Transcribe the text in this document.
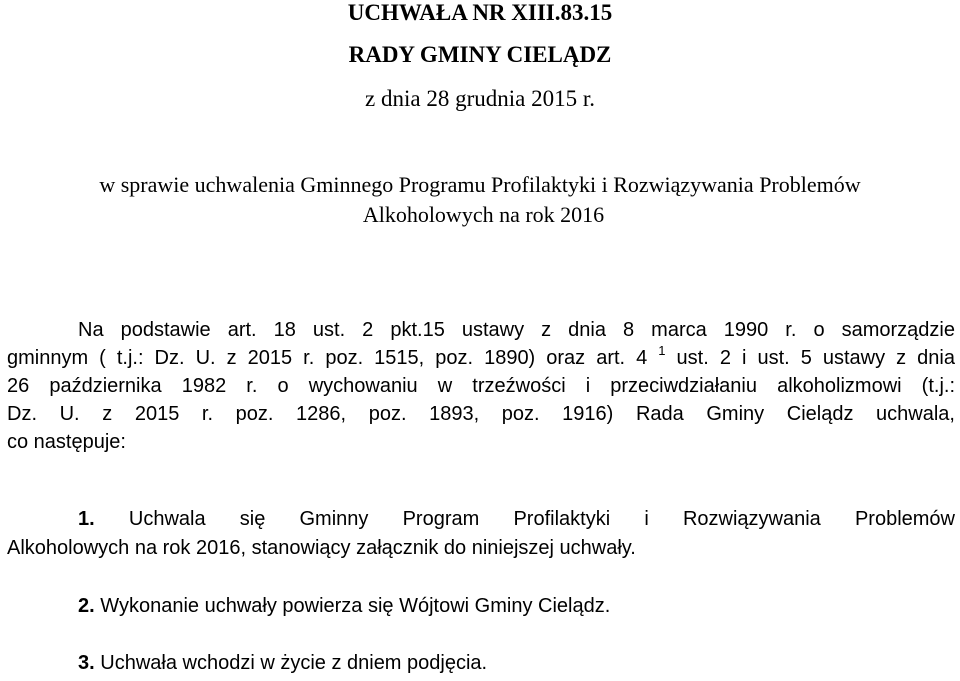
UCHWAŁA NR XIII.83.15
RADY GMINY CIELĄDZ
z dnia 28 grudnia 2015 r.
w sprawie uchwalenia Gminnego Programu Profilaktyki i Rozwiązywania Problemów
Alkoholowych na rok 2016
Na podstawie art. 18 ust. 2 pkt.15 ustawy z dnia 8 marca 1990 r. o samorządzie
gminnym ( t.j.: Dz. U. z 2015 r. poz. 1515, poz. 1890) oraz art. 4 $^1$ ust. 2 i ust. 5 ustawy z dnia
26 października 1982 r. o wychowaniu w trzeźwości i przeciwdziałaniu alkoholizmowi (t.j.:
Dz. U. z 2015 r. poz. 1286, poz. 1893, poz. 1916) Rada Gminy Cielądz uchwala,
co następuje:
1. Uchwala się Gminny Program Profilaktyki i Rozwiązywania Problemów
Alkoholowych na rok 2016, stanowiący załącznik do niniejszej uchwały.
2. Wykonanie uchwały powierza się Wójtowi Gminy Cielądz.
3. Uchwała wchodzi w życie z dniem podjęcia.
